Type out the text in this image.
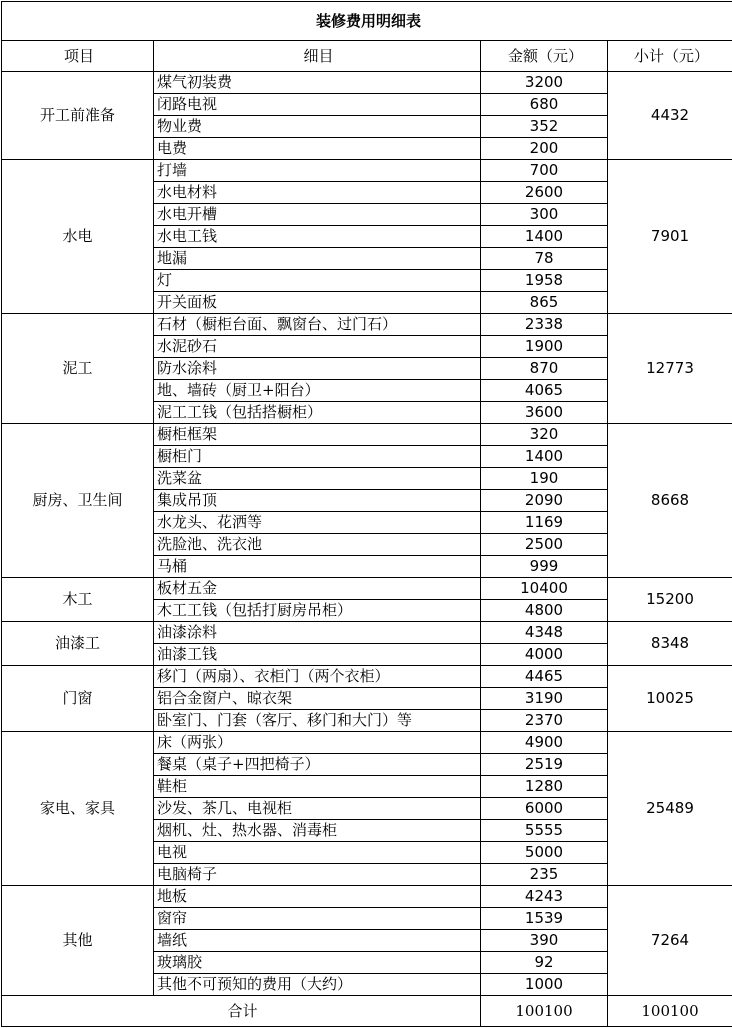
装修费用明细表			
项目	细目	金额（元）	小计（元）
开工前准备	煤气初装费	3200	4432
	闭路电视	680	
	物业费	352	
	电费	200	
水电	打墙	700	7901
	水电材料	2600	
	水电开槽	300	
	水电工钱	1400	
	地漏	78	
	灯	1958	
	开关面板	865	
泥工	石材（橱柜台面、飘窗台、过门石）	2338	12773
	水泥砂石	1900	
	防水涂料	870	
	地、墙砖（厨卫+阳台）	4065	
	泥工工钱（包括搭橱柜）	3600	
厨房、卫生间	橱柜框架	320	8668
	橱柜门	1400	
	洗菜盆	190	
	集成吊顶	2090	
	水龙头、花洒等	1169	
	洗脸池、洗衣池	2500	
	马桶	999	
木工	板材五金	10400	15200
	木工工钱（包括打厨房吊柜）	4800	
油漆工	油漆涂料	4348	8348
	油漆工钱	4000	
门窗	移门（两扇）、衣柜门（两个衣柜）	4465	10025
	铝合金窗户、晾衣架	3190	
	卧室门、门套（客厅、移门和大门）等	2370	
家电、家具	床（两张）	4900	25489
	餐桌（桌子+四把椅子）	2519	
	鞋柜	1280	
	沙发、茶几、电视柜	6000	
	烟机、灶、热水器、消毒柜	5555	
	电视	5000	
	电脑椅子	235	
其他	地板	4243	7264
	窗帘	1539	
	墙纸	390	
	玻璃胶	92	
	其他不可预知的费用（大约）	1000	
合计		100100	100100
